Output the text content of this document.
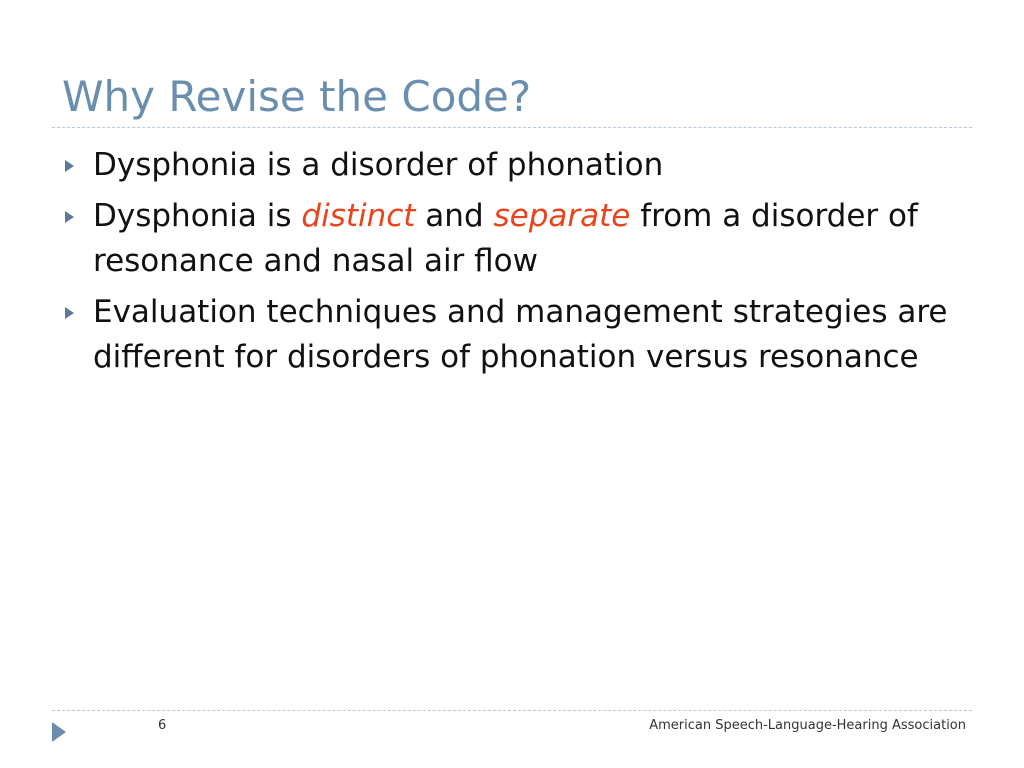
Why Revise the Code?
Dysphonia is a disorder of phonation
Dysphonia is distinct and separate from a disorder of resonance and nasal air flow
Evaluation techniques and management strategies are different for disorders of phonation versus resonance
6	American Speech-Language-Hearing Association
